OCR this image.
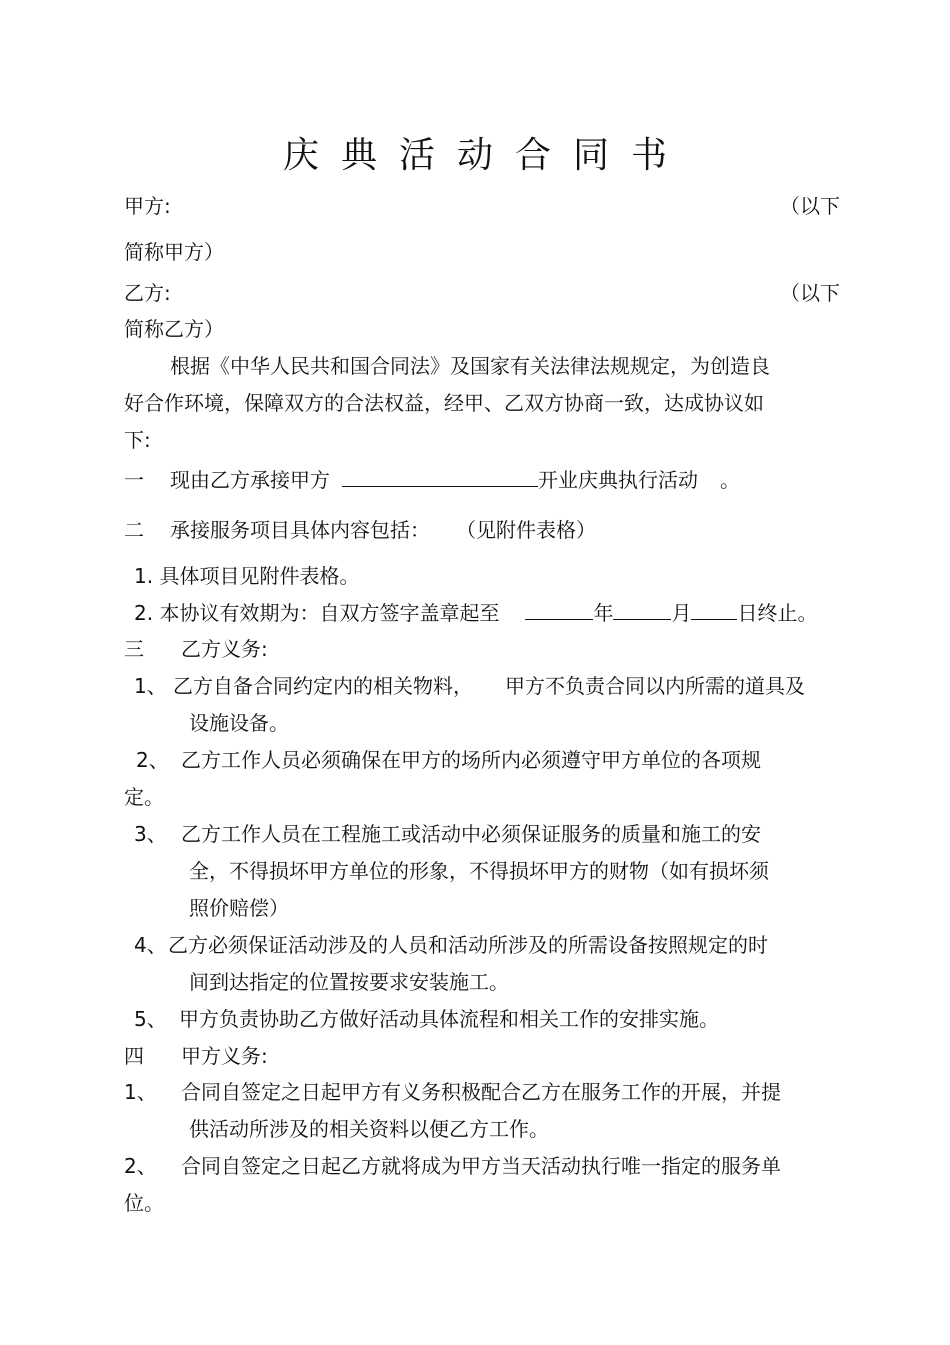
庆典活动合同书
甲方:	（以下
简称甲方）
乙方:	（以下
简称乙方）
根据《中华人民共和国合同法》及国家有关法律法规规定，为创造良
好合作环境，保障双方的合法权益，经甲、乙双方协商一致，达成协议如
下:
一 现由乙方承接甲方	开业庆典执行活动 。
二 承接服务项目具体内容包括： （见附件表格）
1. 具体项目见附件表格。
2. 本协议有效期为：自双方签字盖章起至	年	月 日终止。
三 乙方义务:
1、 乙方自备合同约定内的相关物料， 甲方不负责合同以内所需的道具及
设施设备。
2、 乙方工作人员必须确保在甲方的场所内必须遵守甲方单位的各项规
定。
3、 乙方工作人员在工程施工或活动中必须保证服务的质量和施工的安
全，不得损坏甲方单位的形象，不得损坏甲方的财物（如有损坏须
照价赔偿）
4、 乙方必须保证活动涉及的人员和活动所涉及的所需设备按照规定的时
间到达指定的位置按要求安装施工。
5、 甲方负责协助乙方做好活动具体流程和相关工作的安排实施。
四 甲方义务:
1、 合同自签定之日起甲方有义务积极配合乙方在服务工作的开展，并提
供活动所涉及的相关资料以便乙方工作。
2、 合同自签定之日起乙方就将成为甲方当天活动执行唯一指定的服务单
位。
